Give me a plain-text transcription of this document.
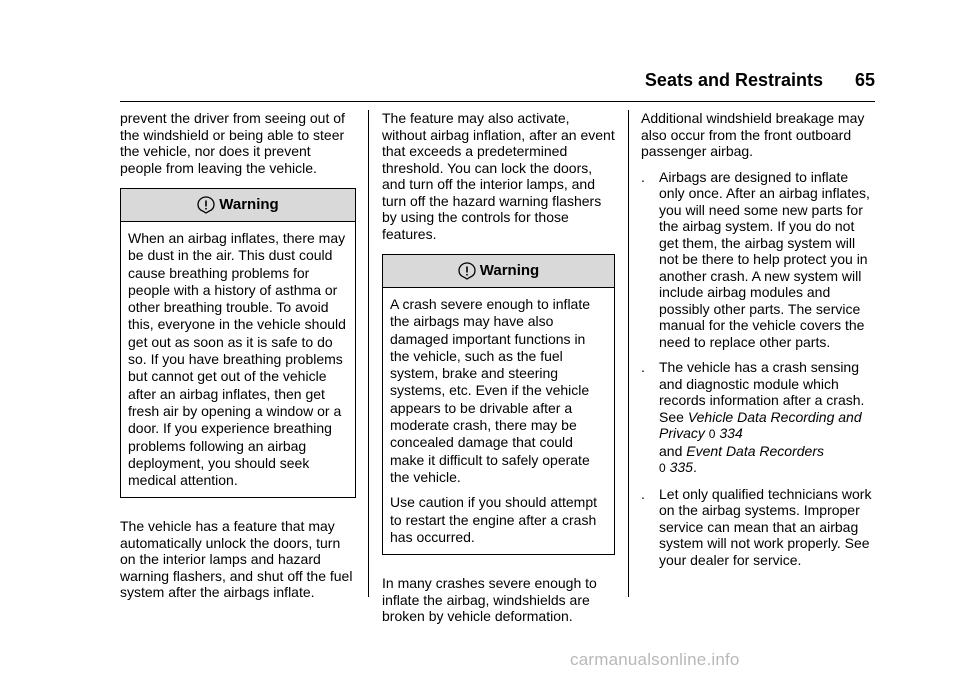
Seats and Restraints 65

prevent the driver from seeing out of the windshield or being able to steer the vehicle, nor does it prevent people from leaving the vehicle.

Warning

When an airbag inflates, there may be dust in the air. This dust could cause breathing problems for people with a history of asthma or other breathing trouble. To avoid this, everyone in the vehicle should get out as soon as it is safe to do so. If you have breathing problems but cannot get out of the vehicle after an airbag inflates, then get fresh air by opening a window or a door. If you experience breathing problems following an airbag deployment, you should seek medical attention.

The vehicle has a feature that may automatically unlock the doors, turn on the interior lamps and hazard warning flashers, and shut off the fuel system after the airbags inflate.

The feature may also activate, without airbag inflation, after an event that exceeds a predetermined threshold. You can lock the doors, and turn off the interior lamps, and turn off the hazard warning flashers by using the controls for those features.

Warning

A crash severe enough to inflate the airbags may have also damaged important functions in the vehicle, such as the fuel system, brake and steering systems, etc. Even if the vehicle appears to be drivable after a moderate crash, there may be concealed damage that could make it difficult to safely operate the vehicle.

Use caution if you should attempt to restart the engine after a crash has occurred.

In many crashes severe enough to inflate the airbag, windshields are broken by vehicle deformation.

Additional windshield breakage may also occur from the front outboard passenger airbag.

.	Airbags are designed to inflate only once. After an airbag inflates, you will need some new parts for the airbag system. If you do not get them, the airbag system will not be there to help protect you in another crash. A new system will include airbag modules and possibly other parts. The service manual for the vehicle covers the need to replace other parts.
.	The vehicle has a crash sensing and diagnostic module which records information after a crash. See Vehicle Data Recording and Privacy 0 334
and Event Data Recorders
0 335.
.	Let only qualified technicians work on the airbag systems. Improper service can mean that an airbag system will not work properly. See your dealer for service.
carmanualsonline.info
